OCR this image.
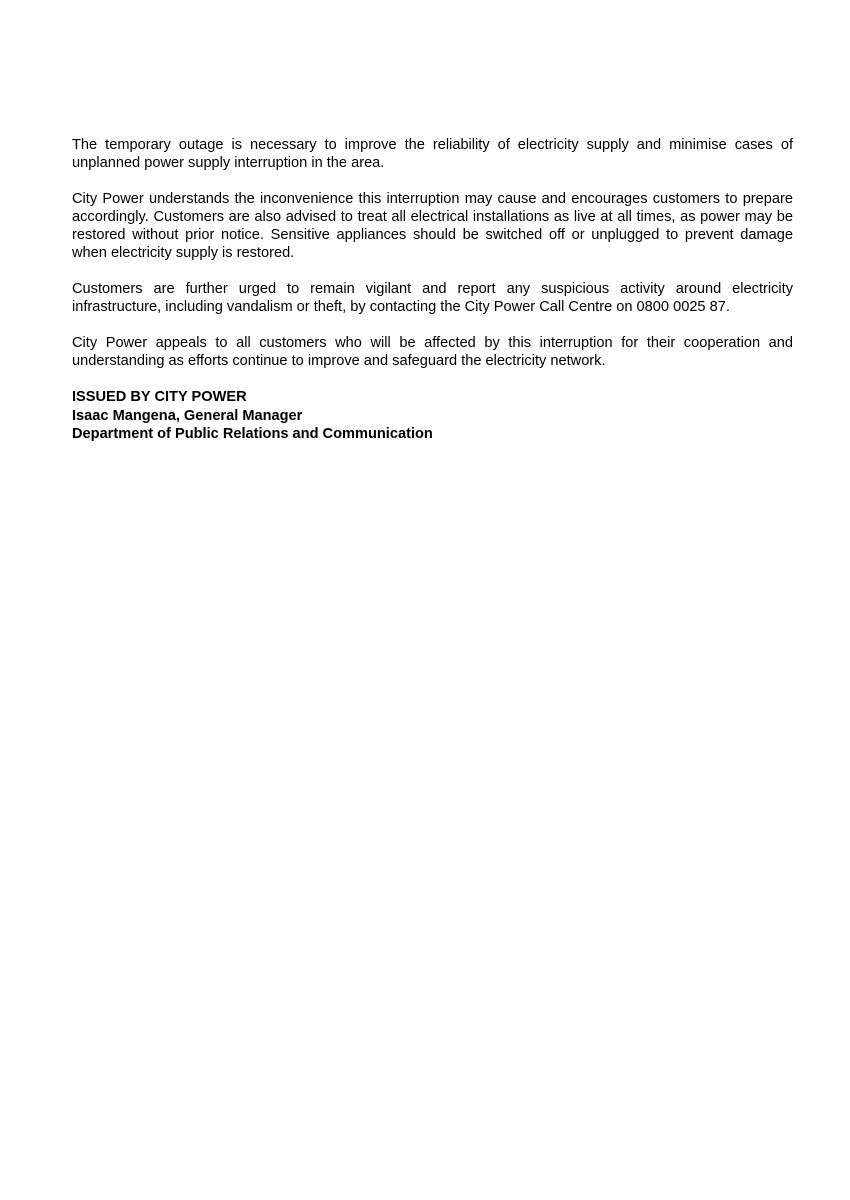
The temporary outage is necessary to improve the reliability of electricity supply and minimise cases of unplanned power supply interruption in the area.

City Power understands the inconvenience this interruption may cause and encourages customers to prepare accordingly. Customers are also advised to treat all electrical installations as live at all times, as power may be restored without prior notice. Sensitive appliances should be switched off or unplugged to prevent damage when electricity supply is restored.

Customers are further urged to remain vigilant and report any suspicious activity around electricity infrastructure, including vandalism or theft, by contacting the City Power Call Centre on 0800 0025 87.

City Power appeals to all customers who will be affected by this interruption for their cooperation and understanding as efforts continue to improve and safeguard the electricity network.

ISSUED BY CITY POWER
Isaac Mangena, General Manager
Department of Public Relations and Communication
